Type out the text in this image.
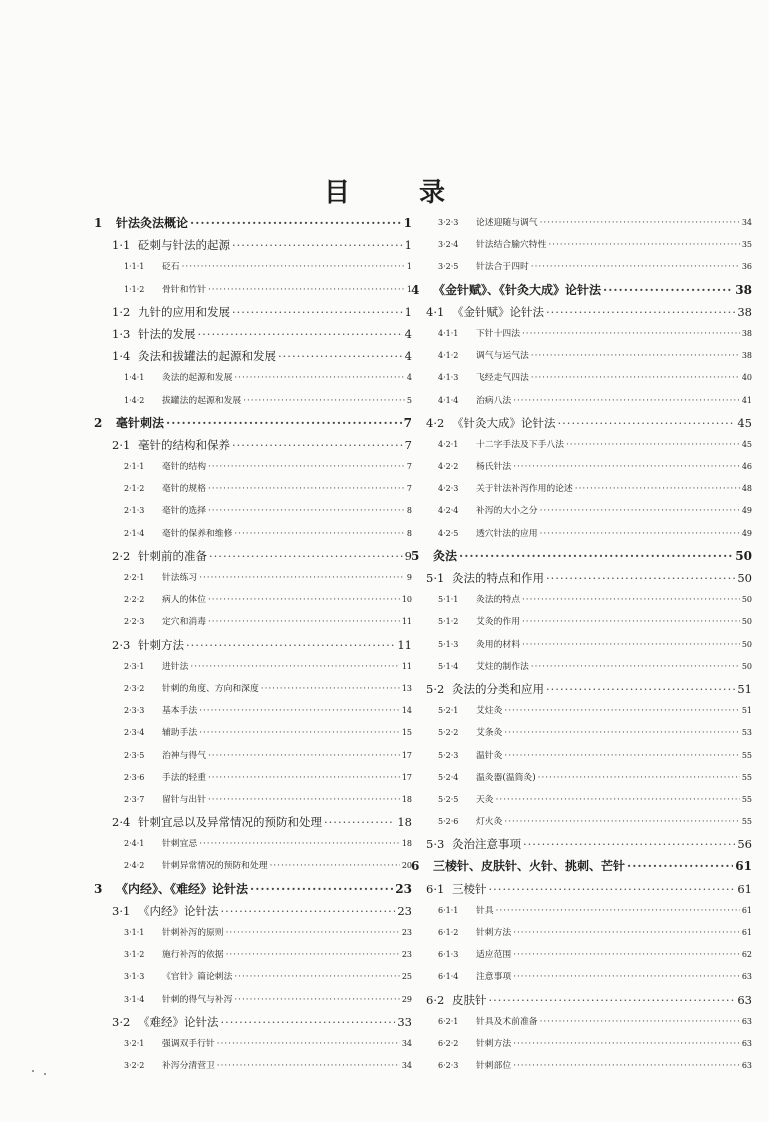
目 录
1	针法灸法概论 ·····	1
1·1 砭刺与针法的起源 ·····	1
1·1·1	砭石 ·····	1
1·1·2	骨针和竹针 ·····	1
1·2 九针的应用和发展 ·····	1
1·3 针法的发展 ·····	4
1·4 灸法和拔罐法的起源和发展 ·····	4
1·4·1	灸法的起源和发展 ·····	4
1·4·2	拔罐法的起源和发展 ·····	5
2	毫针刺法 ·····	7
2·1 毫针的结构和保养 ·····	7
2·1·1	毫针的结构 ·····	7
2·1·2	毫针的规格 ·····	7
2·1·3	毫针的选择 ·····	8
2·1·4	毫针的保养和维修 ·····	8
2·2 针刺前的准备 ·····	9
2·2·1	针法练习 ·····	9
2·2·2	病人的体位 ·····	10
2·2·3	定穴和消毒 ·····	11
2·3 针刺方法 ·····	11
2·3·1	进针法 ·····	11
2·3·2	针刺的角度、方向和深度 ·····	13
2·3·3	基本手法 ·····	14
2·3·4	辅助手法 ·····	15
2·3·5	治神与得气 ·····	17
2·3·6	手法的轻重 ·····	17
2·3·7	留针与出针 ·····	18
2·4 针刺宜忌以及异常情况的预防和处理 ·····	18
2·4·1	针刺宜忌 ·····	18
2·4·2	针刺异常情况的预防和处理 ·····	20
3	《内经》、《难经》论针法 ·····	23
3·1 《内经》论针法 ·····	23
3·1·1	针刺补泻的原则 ·····	23
3·1·2	施行补泻的依据 ·····	23
3·1·3	《官针》篇论刺法 ·····	25
3·1·4	针刺的得气与补泻 ·····	29
3·2 《难经》论针法 ·····	33
3·2·1	强调双手行针 ·····	34
3·2·2	补泻分清营卫 ·····	34
3·2·3	论述迎随与调气 ·····	34
3·2·4	针法结合腧穴特性 ·····	35
3·2·5	针法合于四时 ·····	36
4	《金针赋》、《针灸大成》论针法 ·····	38
4·1 《金针赋》论针法 ·····	38
4·1·1	下针十四法 ·····	38
4·1·2	调气与运气法 ·····	38
4·1·3	飞经走气四法 ·····	40
4·1·4	治病八法 ·····	41
4·2 《针灸大成》论针法 ·····	45
4·2·1	十二字手法及下手八法 ·····	45
4·2·2	杨氏针法 ·····	46
4·2·3	关于针法补泻作用的论述 ·····	48
4·2·4	补泻的大小之分 ·····	49
4·2·5	透穴针法的应用 ·····	49
5	灸法 ·····	50
5·1 灸法的特点和作用 ·····	50
5·1·1	灸法的特点 ·····	50
5·1·2	艾灸的作用 ·····	50
5·1·3	灸用的材料 ·····	50
5·1·4	艾炷的制作法 ·····	50
5·2 灸法的分类和应用 ·····	51
5·2·1	艾炷灸 ·····	51
5·2·2	艾条灸 ·····	53
5·2·3	温针灸 ·····	55
5·2·4	温灸器(温筒灸) ·····	55
5·2·5	天灸 ·····	55
5·2·6	灯火灸 ·····	55
5·3 灸治注意事项 ·····	56
6	三棱针、皮肤针、火针、挑刺、芒针 ·····	61
6·1 三棱针 ·····	61
6·1·1	针具 ·····	61
6·1·2	针刺方法 ·····	61
6·1·3	适应范围 ·····	62
6·1·4	注意事项 ·····	63
6·2 皮肤针 ·····	63
6·2·1	针具及术前准备 ·····	63
6·2·2	针刺方法 ·····	63
6·2·3	针刺部位 ·····	63
